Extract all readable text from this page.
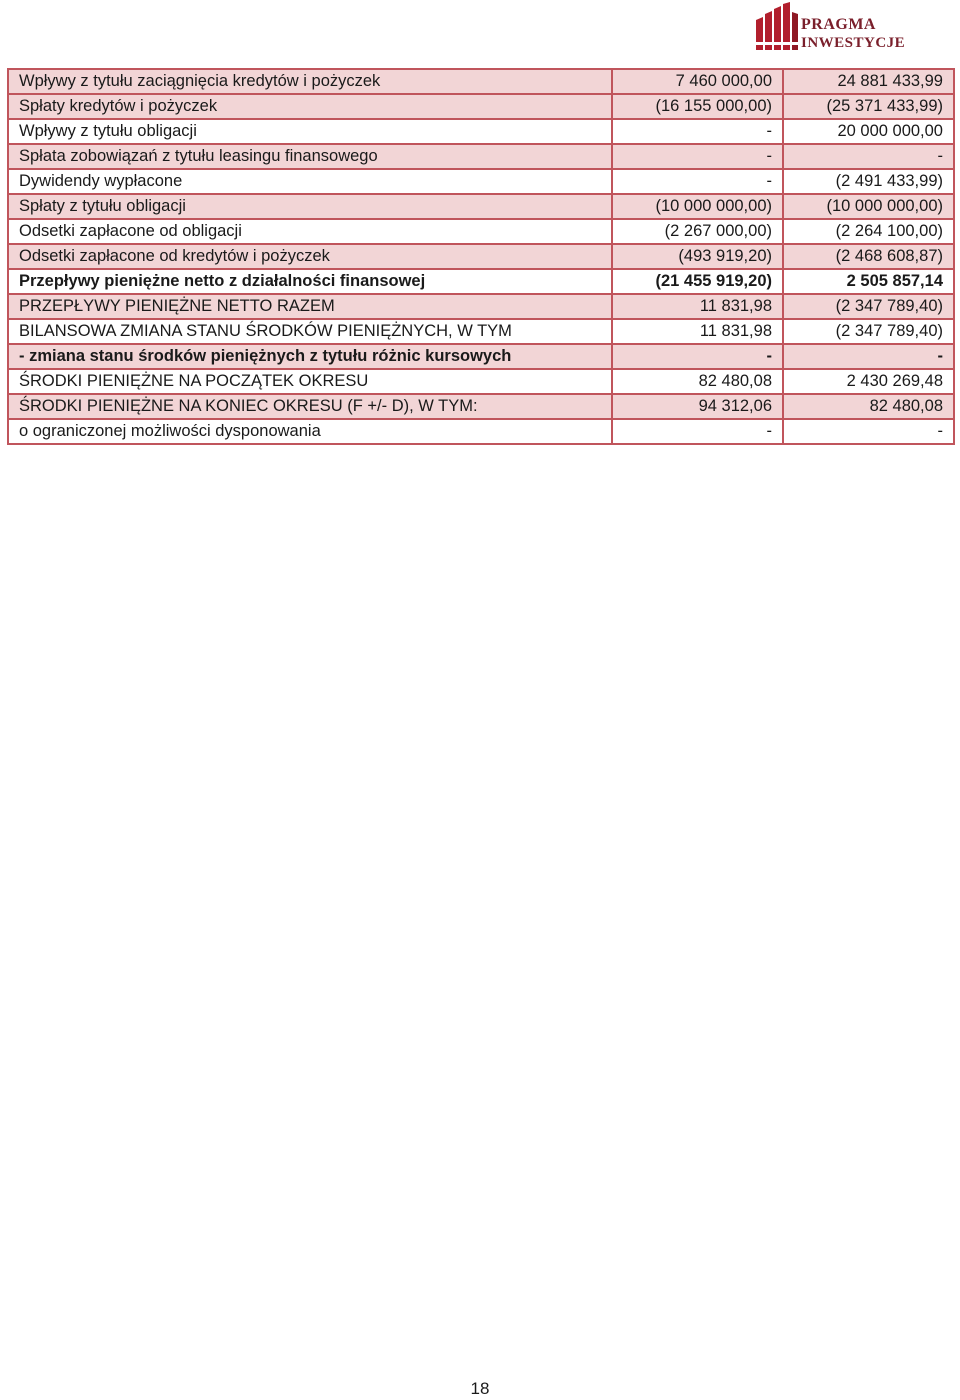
PRAGMA
INWESTYCJE
Wpływy z tytułu zaciągnięcia kredytów i pożyczek	7 460 000,00	24 881 433,99
Spłaty kredytów i pożyczek	(16 155 000,00)	(25 371 433,99)
Wpływy z tytułu obligacji	-	20 000 000,00
Spłata zobowiązań z tytułu leasingu finansowego	-	-
Dywidendy wypłacone	-	(2 491 433,99)
Spłaty z tytułu obligacji	(10 000 000,00)	(10 000 000,00)
Odsetki zapłacone od obligacji	(2 267 000,00)	(2 264 100,00)
Odsetki zapłacone od kredytów i pożyczek	(493 919,20)	(2 468 608,87)
Przepływy pieniężne netto z działalności finansowej	(21 455 919,20)	2 505 857,14
PRZEPŁYWY PIENIĘŻNE NETTO RAZEM	11 831,98	(2 347 789,40)
BILANSOWA ZMIANA STANU ŚRODKÓW PIENIĘŻNYCH, W TYM	11 831,98	(2 347 789,40)
- zmiana stanu środków pieniężnych z tytułu różnic kursowych	-	-
ŚRODKI PIENIĘŻNE NA POCZĄTEK OKRESU	82 480,08	2 430 269,48
ŚRODKI PIENIĘŻNE NA KONIEC OKRESU (F +/- D), W TYM:	94 312,06	82 480,08
o ograniczonej możliwości dysponowania	-	-
18
